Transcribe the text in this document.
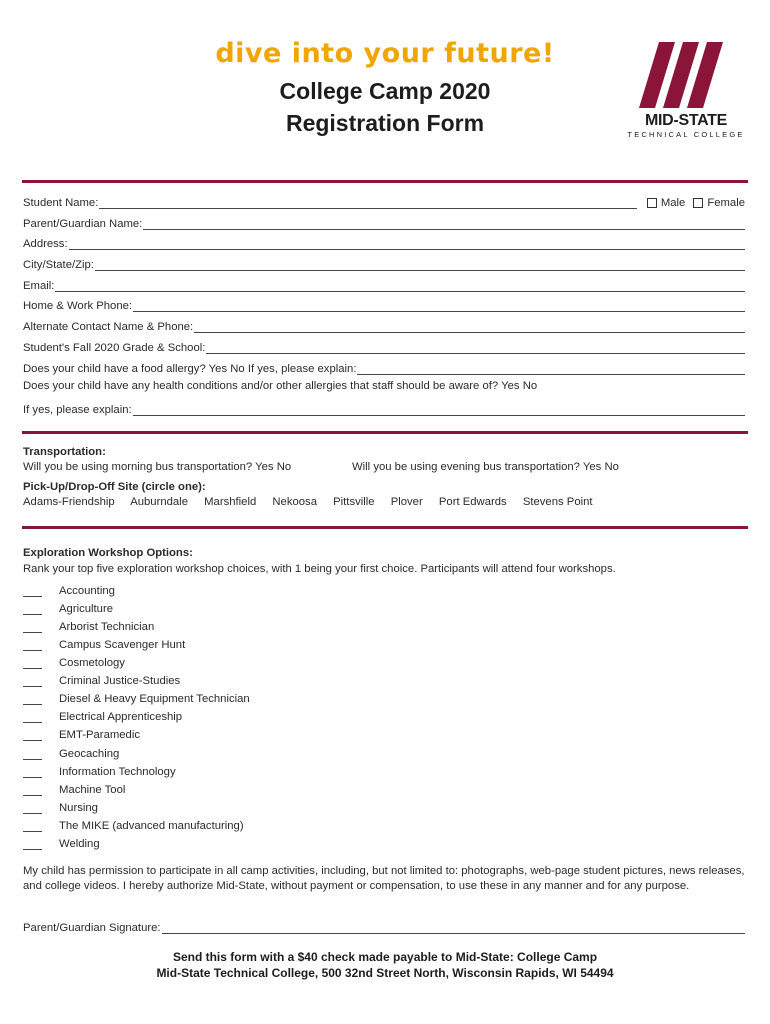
dive into your future!
College Camp 2020
Registration Form	MID-STATE
TECHNICAL COLLEGE
Student Name:	Male Female
Parent/Guardian Name:
Address:
City/State/Zip:
Email:
Home & Work Phone:
Alternate Contact Name & Phone:
Student's Fall 2020 Grade & School:
Does your child have a food allergy? Yes No If yes, please explain:
Does your child have any health conditions and/or other allergies that staff should be aware of? Yes No
If yes, please explain:
Transportation:
Will you be using morning bus transportation? Yes No	Will you be using evening bus transportation? Yes No
Pick-Up/Drop-Off Site (circle one):
Adams-Friendship Auburndale Marshfield Nekoosa Pittsville Plover Port Edwards Stevens Point
Exploration Workshop Options:
Rank your top five exploration workshop choices, with 1 being your first choice. Participants will attend four workshops.
Accounting
Agriculture
Arborist Technician
Campus Scavenger Hunt
Cosmetology
Criminal Justice-Studies
Diesel & Heavy Equipment Technician
Electrical Apprenticeship
EMT-Paramedic
Geocaching
Information Technology
Machine Tool
Nursing
The MIKE (advanced manufacturing)
Welding
My child has permission to participate in all camp activities, including, but not limited to: photographs, web-page student pictures, news releases, and college videos. I hereby authorize Mid-State, without payment or compensation, to use these in any manner and for any purpose.
Parent/Guardian Signature:
Send this form with a $40 check made payable to Mid-State: College Camp
Mid-State Technical College, 500 32nd Street North, Wisconsin Rapids, WI 54494
